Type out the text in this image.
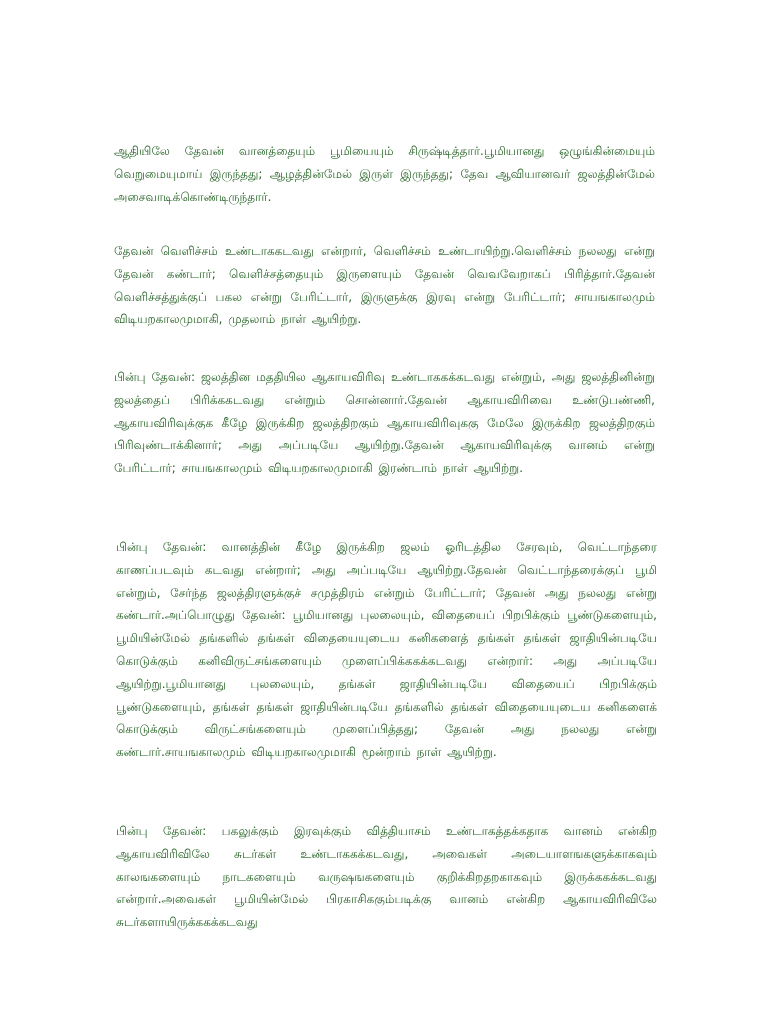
ஆதியிலே தேவன் வானத்தையும் பூமியையும் சிருஷ்டித்தார்.பூமியானது ஒழுங்கின்மையும் வெறுமையுமாய் இருந்தது; ஆழத்தின்மேல் இருள் இருந்தது; தேவ ஆவியானவர் ஜலத்தின்மேல் அசைவாடிக்கொண்டிருந்தார்.

தேவன் வெளிச்சம் உண்டாககடவது என்றார், வெளிச்சம் உண்டாயிற்று.வெளிச்சம் நலலது என்று தேவன் கண்டார்; வெளிச்சத்தையும் இருளையும் தேவன் வெவவேறாகப் பிரித்தார்.தேவன் வெளிச்சத்துக்குப் பகல என்று பேரிட்டார், இருளுக்கு இரவு என்று பேரிட்டார்; சாயஙகாலமும் விடியறகாலமுமாகி, முதலாம் நாள் ஆயிற்று.

பின்பு தேவன்: ஜலத்தின மததியில ஆகாயவிரிவு உண்டாககக்கடவது என்றும், அது ஜலத்தினின்று ஜலத்தைப் பிரிக்ககடவது என்றும் சொன்னார்.தேவன் ஆகாயவிரிவை உண்டுபண்ணி, ஆகாயவிரிவுக்குக கீழே இருக்கிற ஜலத்திறகும் ஆகாயவிரிவுககு மேலே இருக்கிற ஜலத்திறகும் பிரிவுண்டாக்கினார்; அது அப்படியே ஆயிற்று.தேவன் ஆகாயவிரிவுக்கு வானம் என்று பேரிட்டார்; சாயஙகாலமும் விடியறகாலமுமாகி இரண்டாம் நாள் ஆயிற்று.

பின்பு தேவன்: வானத்தின் கீழே இருக்கிற ஜலம் ஓரிடத்தில சேரவும், வெட்டாந்தரை காணப்படவும் கடவது என்றார்; அது அப்படியே ஆயிற்று.தேவன் வெட்டாந்தரைக்குப் பூமி என்றும், சேர்ந்த ஜலத்திரளுக்குச் சமுத்திரம் என்றும் பேரிட்டார்; தேவன் அது நலலது என்று கண்டார்.அப்பொழுது தேவன்: பூமியானது புலலையும், விதையைப் பிறபிக்கும் பூண்டுகளையும், பூமியின்மேல் தங்களில் தங்கள் விதையையுடைய கனிகளைத் தங்கள் தங்கள் ஜாதியின்படியே கொடுக்கும் கனிவிருட்சங்களையும் முளைப்பிக்ககக்கடவது என்றார்: அது அப்படியே ஆயிற்று.பூமியானது புலலையும், தங்கள் ஜாதியின்படியே விதையைப் பிறபிக்கும் பூண்டுகளையும், தங்கள் தங்கள் ஜாதியின்படியே தங்களில் தங்கள் விதையையுடைய கனிகளைக் கொடுக்கும் விருட்சங்களையும் முளைப்பித்தது; தேவன் அது நலலது என்று கண்டார்.சாயஙகாலமும் விடியறகாலமுமாகி மூன்றாம் நாள் ஆயிற்று.

பின்பு தேவன்: பகலுக்கும் இரவுக்கும் வித்தியாசம் உண்டாகத்தக்கதாக வானம் என்கிற ஆகாயவிரிவிலே சுடர்கள் உண்டாககக்கடவது, அவைகள் அடையாளஙகளுக்காகவும் காலஙகளையும் நாடகளையும் வருஷஙகளையும் குறிக்கிறதறகாகவும் இருக்ககக்கடவது என்றார்.அவைகள் பூமியின்மேல் பிரகாசிககும்படிக்கு வானம் என்கிற ஆகாயவிரிவிலே சுடர்களாயிருக்ககக்கடவது
